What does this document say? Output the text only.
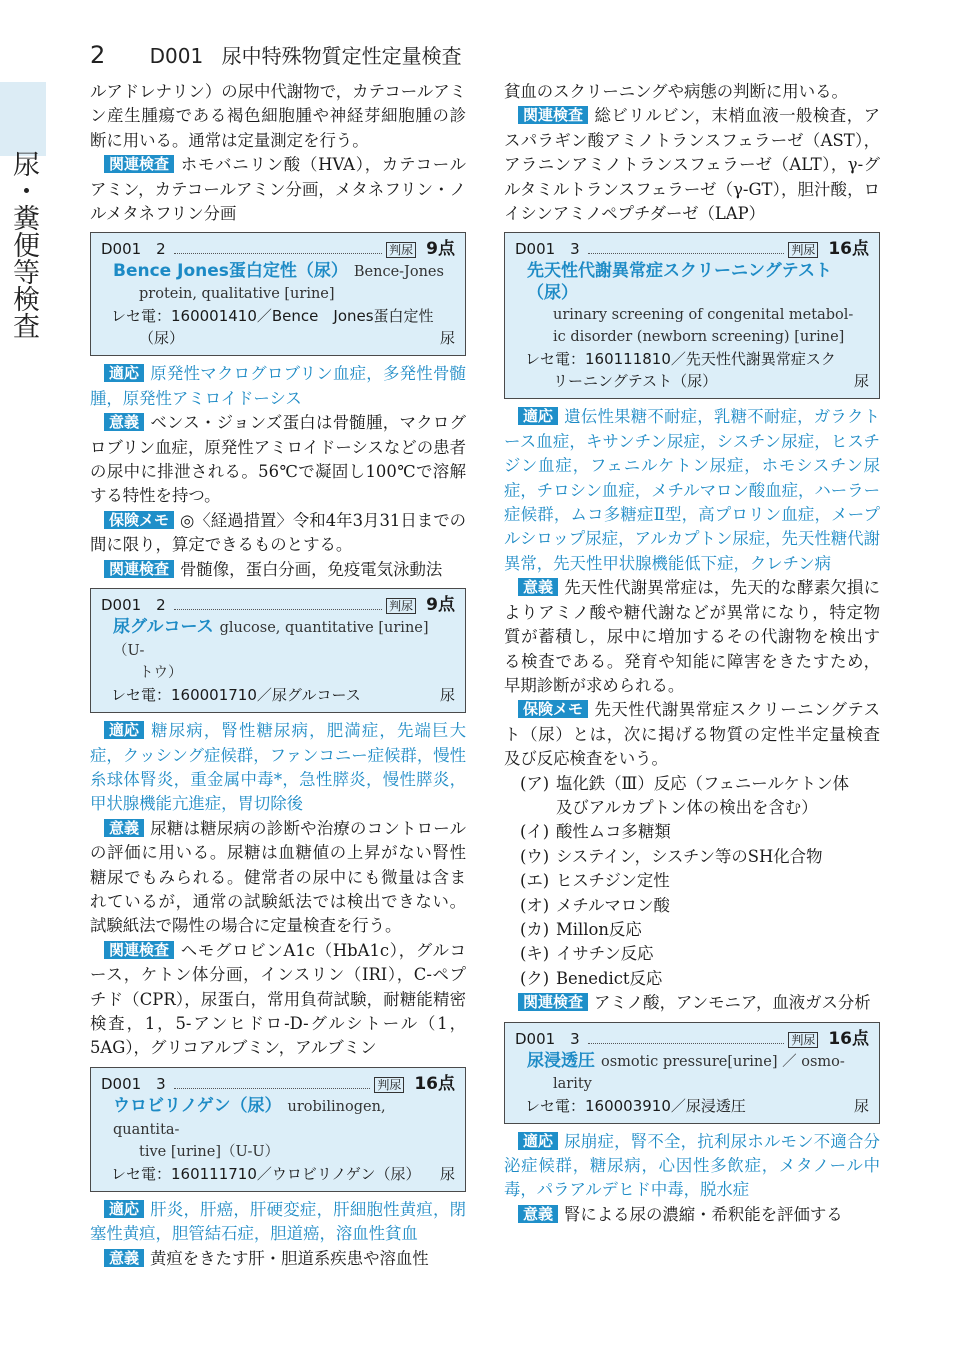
尿・糞便等検査
2 D001 尿中特殊物質定性定量検査

ルアドレナリン）の尿中代謝物で，カテコールアミン産生腫瘍である褐色細胞腫や神経芽細胞腫の診断に用いる。通常は定量測定を行う。

関連検査 ホモバニリン酸（HVA），カテコールアミン，カテコールアミン分画，メタネフリン・ノルメタネフリン分画

D001　2	判尿 9点
Bence Jones蛋白定性（尿） Bence-Jones
protein, qualitative [urine]
レセ電：160001410／Bence　Jones蛋白定性
（尿）	尿

適応 原発性マクログロブリン血症，多発性骨髄腫，原発性アミロイドーシス

意義 ベンス・ジョンズ蛋白は骨髄腫，マクログロブリン血症，原発性アミロイドーシスなどの患者の尿中に排泄される。56℃で凝固し100℃で溶解する特性を持つ。

保険メモ ◎〈経過措置〉令和4年3月31日までの間に限り，算定できるものとする。

関連検査 骨髄像，蛋白分画，免疫電気泳動法

D001　2	判尿 9点
尿グルコース glucose, quantitative [urine]（U-
トウ）
レセ電：160001710／尿グルコース	尿

適応 糖尿病，腎性糖尿病，肥満症，先端巨大症，クッシング症候群，ファンコニー症候群，慢性糸球体腎炎，重金属中毒*，急性膵炎，慢性膵炎，甲状腺機能亢進症，胃切除後

意義 尿糖は糖尿病の診断や治療のコントロールの評価に用いる。尿糖は血糖値の上昇がない腎性糖尿でもみられる。健常者の尿中にも微量は含まれているが，通常の試験紙法では検出できない。試験紙法で陽性の場合に定量検査を行う。

関連検査 ヘモグロビンA1c（HbA1c），グルコース，ケトン体分画，インスリン（IRI），C-ペプチド（CPR），尿蛋白，常用負荷試験，耐糖能精密検査，1，5-アンヒドロ-D-グルシトール（1，5AG），グリコアルブミン，アルブミン

D001　3	判尿 16点
ウロビリノゲン（尿） urobilinogen, quantita-
tive [urine]（U-U）
レセ電：160111710／ウロビリノゲン（尿） 尿

適応 肝炎，肝癌，肝硬変症，肝細胞性黄疸，閉塞性黄疸，胆管結石症，胆道癌，溶血性貧血

意義 黄疸をきたす肝・胆道系疾患や溶血性

貧血のスクリーニングや病態の判断に用いる。

関連検査 総ビリルビン，末梢血液一般検査，アスパラギン酸アミノトランスフェラーゼ（AST），アラニンアミノトランスフェラーゼ（ALT），γ-グルタミルトランスフェラーゼ（γ-GT），胆汁酸，ロイシンアミノペプチダーゼ（LAP）

D001　3	判尿 16点
先天性代謝異常症スクリーニングテスト（尿）
urinary screening of congenital metabol-
ic disorder (newborn screening) [urine]
レセ電：160111810／先天性代謝異常症スク
リーニングテスト（尿）	尿

適応 遺伝性果糖不耐症，乳糖不耐症，ガラクトース血症，キサンチン尿症，シスチン尿症，ヒスチジン血症，フェニルケトン尿症，ホモシスチン尿症，チロシン血症，メチルマロン酸血症，ハーラー症候群，ムコ多糖症Ⅱ型，高プロリン血症，メープルシロップ尿症，アルカプトン尿症，先天性糖代謝異常，先天性甲状腺機能低下症，クレチン病

意義 先天性代謝異常症は，先天的な酵素欠損によりアミノ酸や糖代謝などが異常になり，特定物質が蓄積し，尿中に増加するその代謝物を検出する検査である。発育や知能に障害をきたすため，早期診断が求められる。

保険メモ 先天性代謝異常症スクリーニングテスト（尿）とは，次に掲げる物質の定性半定量検査及び反応検査をいう。

(ア) 塩化鉄（Ⅲ）反応（フェニールケトン体
及びアルカプトン体の検出を含む）
(イ) 酸性ムコ多糖類
(ウ) システイン，シスチン等のSH化合物
(エ) ヒスチジン定性
(オ) メチルマロン酸
(カ) Millon反応
(キ) イサチン反応
(ク) Benedict反応

関連検査 アミノ酸，アンモニア，血液ガス分析

D001　3	判尿 16点
尿浸透圧 osmotic pressure[urine] ／ osmo-
larity
レセ電：160003910／尿浸透圧	尿

適応 尿崩症，腎不全，抗利尿ホルモン不適合分泌症候群，糖尿病，心因性多飲症，メタノール中毒，パラアルデヒド中毒，脱水症

意義 腎による尿の濃縮・希釈能を評価する
